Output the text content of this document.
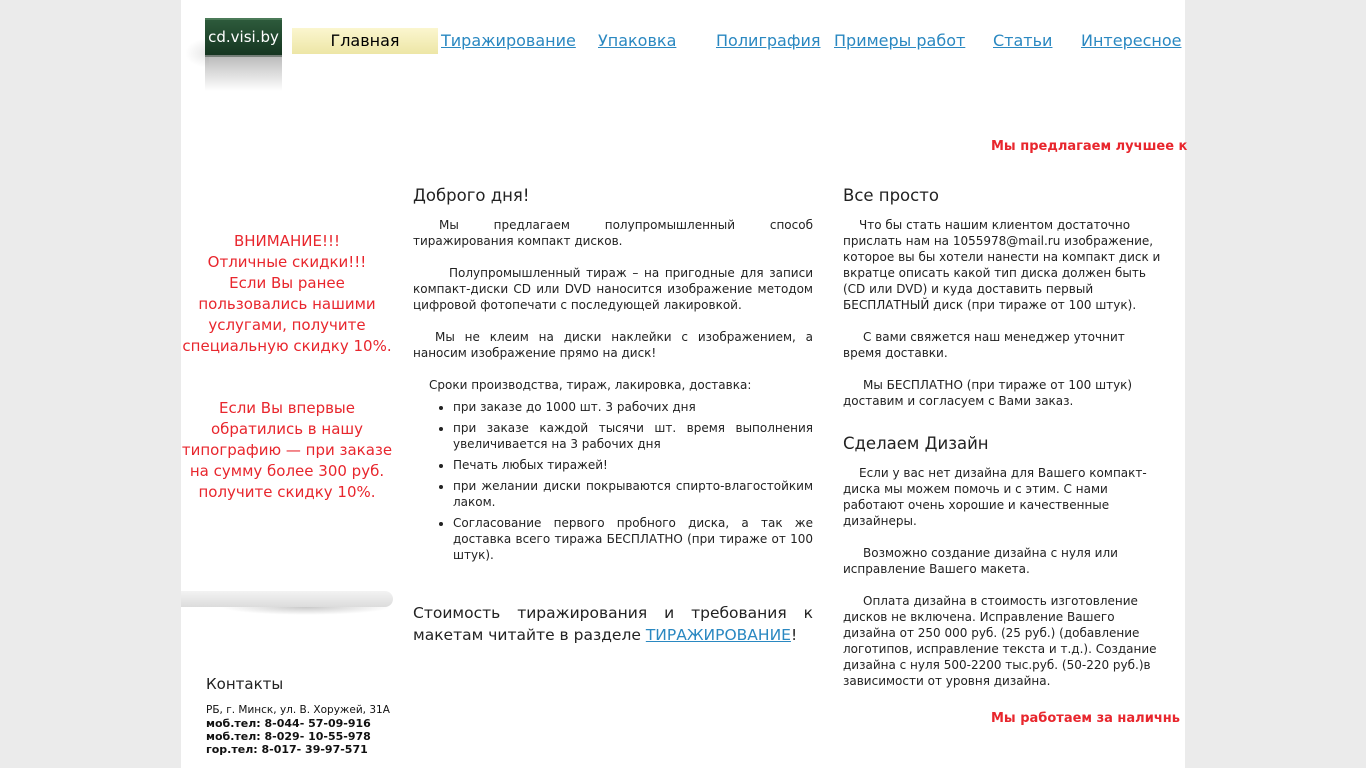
cd.visi.by	Главная	Тиражирование Упаковка Полиграфия Примеры работ Статьи Интересное
Мы предлагаем лучшее к
ВНИМАНИЕ!!!
Отличные скидки!!!
Если Вы ранее
пользовались нашими
услугами, получите
специальную скидку 10%.
Если Вы впервые
обратились в нашу
типографию — при заказе
на сумму более 300 руб.
получите скидку 10%.
Контакты
РБ, г. Минск, ул. В. Хоружей, 31А
моб.тел: 8-044- 57-09-916
моб.тел: 8-029- 10-55-978
гор.тел: 8-017- 39-97-571
Доброго дня!

Мы предлагаем полупромышленный способ тиражирования компакт дисков.

Полупромышленный тираж – на пригодные для записи компакт-диски CD или DVD наносится изображение методом цифровой фотопечати с последующей лакировкой.

Мы не клеим на диски наклейки с изображением, а наносим изображение прямо на диск!

Сроки производства, тираж, лакировка, доставка:

• при заказе до 1000 шт. 3 рабочих дня
• при заказе каждой тысячи шт. время выполнения увеличивается на 3 рабочих дня
• Печать любых тиражей!
• при желании диски покрываются спирто-влагостойким лаком.
• Согласование первого пробного диска, а так же доставка всего тиража БЕСПЛАТНО (при тираже от 100 штук).

Стоимость тиражирования и требования к макетам читайте в разделе ТИРАЖИРОВАНИЕ!

Все просто

Что бы стать нашим клиентом достаточно прислать нам на 1055978@mail.ru изображение, которое вы бы хотели нанести на компакт диск и вкратце описать какой тип диска должен быть (CD или DVD) и куда доставить первый БЕСПЛАТНЫЙ диск (при тираже от 100 штук).

С вами свяжется наш менеджер уточнит время доставки.

Мы БЕСПЛАТНО (при тираже от 100 штук) доставим и согласуем с Вами заказ.

Сделаем Дизайн

Если у вас нет дизайна для Вашего компакт-диска мы можем помочь и с этим. С нами работают очень хорошие и качественные дизайнеры.

Возможно создание дизайна с нуля или исправление Вашего макета.

Оплата дизайна в стоимость изготовление дисков не включена. Исправление Вашего дизайна от 250 000 руб. (25 руб.) (добавление логотипов, исправление текста и т.д.). Создание дизайна с нуля 500-2200 тыс.руб. (50-220 руб.)в зависимости от уровня дизайна.

Мы работаем за наличнь
